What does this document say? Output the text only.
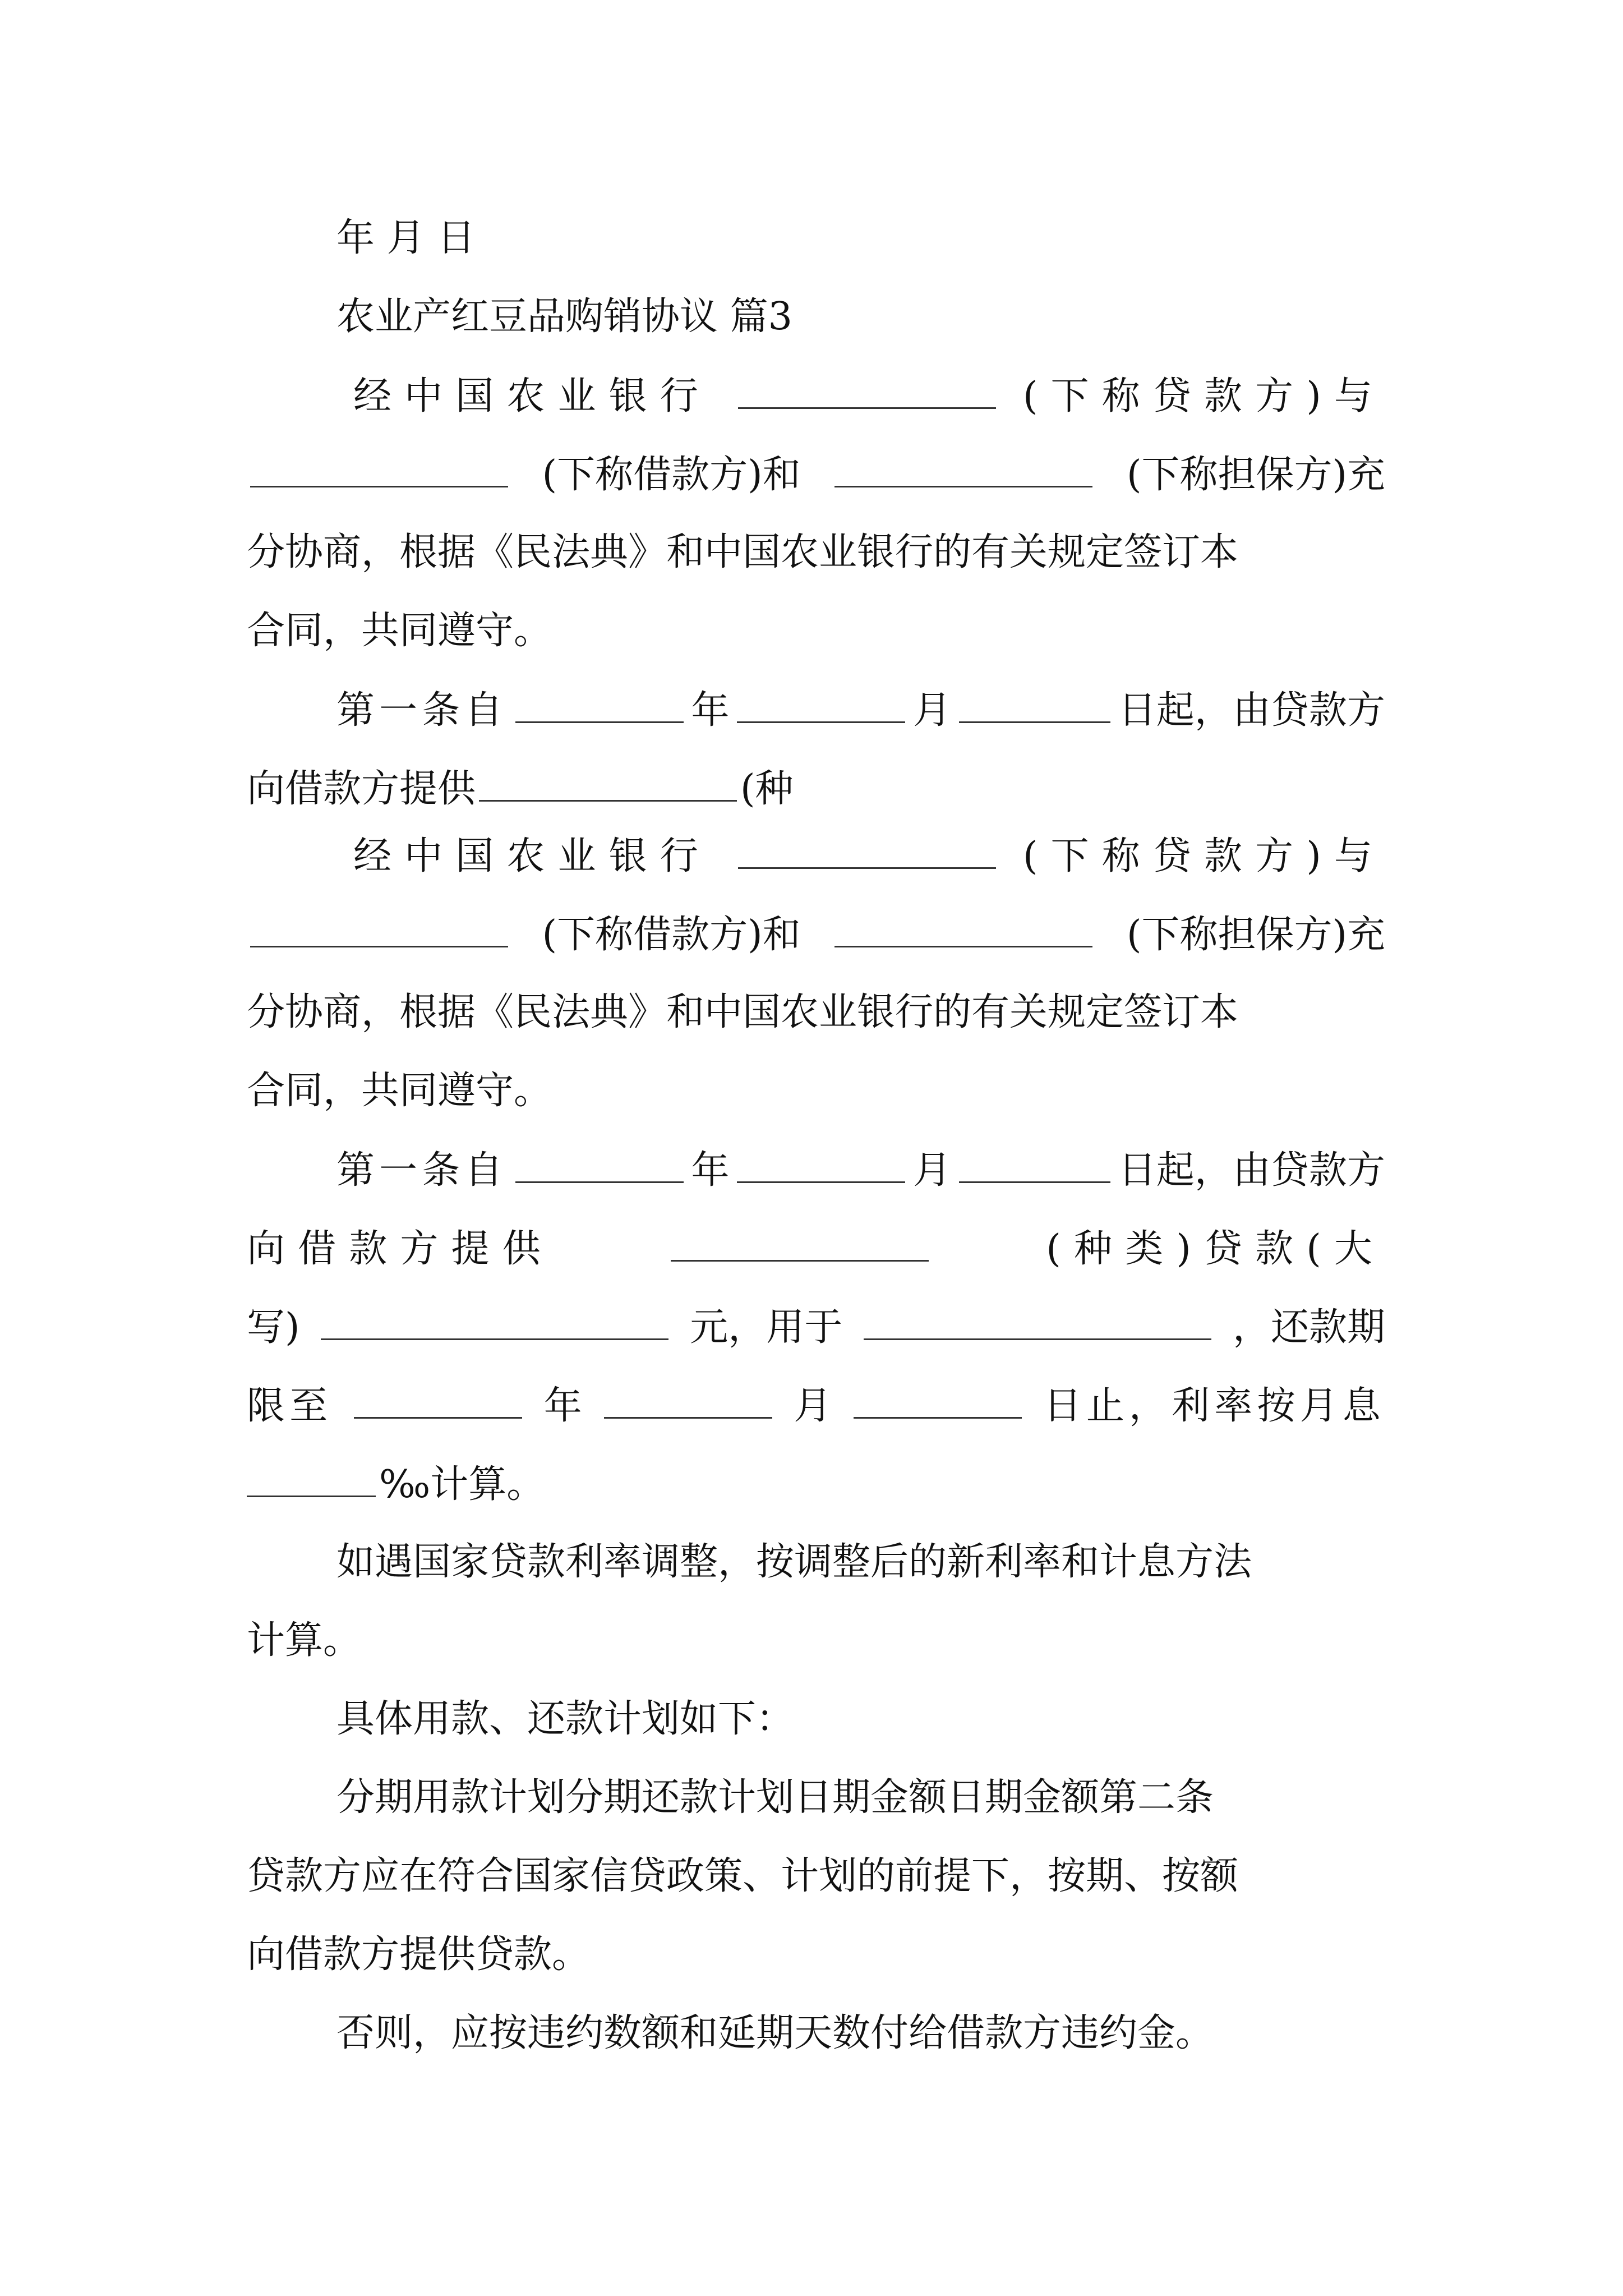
年 月 日
农业产红豆品购销协议 篇3
经中国农业银行	(下称贷款方)与
(下称借款方)和	(下称担保方)充
分协商，根据《民法典》和中国农业银行的有关规定签订本
合同，共同遵守。
第一条自	年	月	日起，由贷款方
向借款方提供	(种
经中国农业银行	(下称贷款方)与
(下称借款方)和	(下称担保方)充
分协商，根据《民法典》和中国农业银行的有关规定签订本
合同，共同遵守。
第一条自	年	月	日起，由贷款方
向借款方提供	(种类)贷款(大
写)	元，用于	，还款期
限至	年	月	日止，利率按月息
‰计算。
如遇国家贷款利率调整，按调整后的新利率和计息方法
计算。
具体用款、还款计划如下：
分期用款计划分期还款计划日期金额日期金额第二条
贷款方应在符合国家信贷政策、计划的前提下，按期、按额
向借款方提供贷款。
否则，应按违约数额和延期天数付给借款方违约金。
